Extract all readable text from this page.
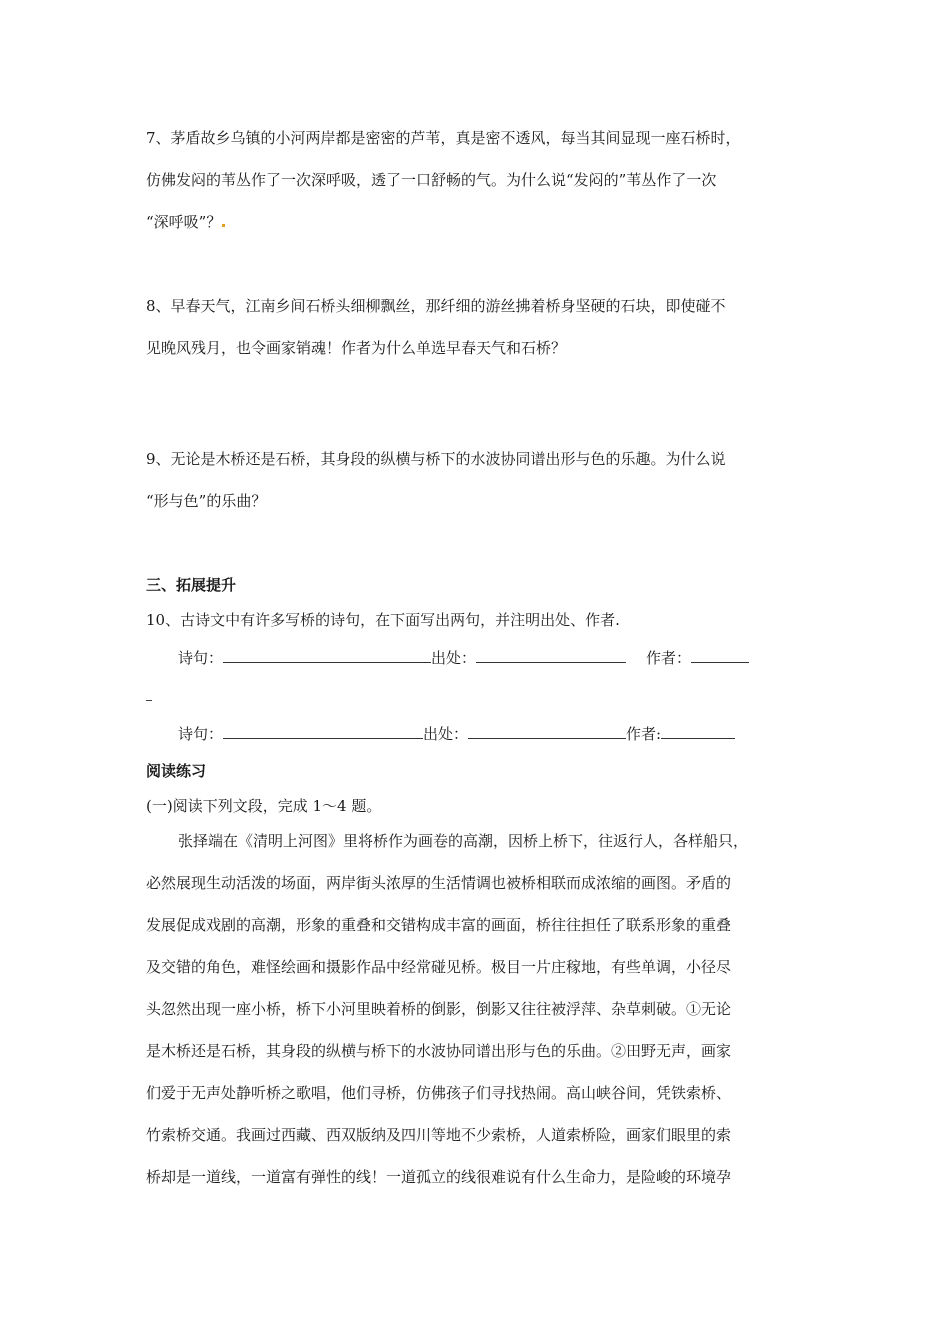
7、茅盾故乡乌镇的小河两岸都是密密的芦苇，真是密不透风，每当其间显现一座石桥时，
仿佛发闷的苇丛作了一次深呼吸，透了一口舒畅的气。为什么说“发闷的”苇丛作了一次
“深呼吸”？
8、早春天气，江南乡间石桥头细柳飘丝，那纤细的游丝拂着桥身坚硬的石块，即使碰不
见晚风残月，也令画家销魂！作者为什么单选早春天气和石桥？
9、无论是木桥还是石桥，其身段的纵横与桥下的水波协同谱出形与色的乐趣。为什么说
“形与色”的乐曲？
三、拓展提升
10、古诗文中有许多写桥的诗句，在下面写出两句，并注明出处、作者.
诗句：	出处：	作者：
诗句：	出处：	作者:
阅读练习
(一)阅读下列文段，完成 1～4 题。
张择端在《清明上河图》里将桥作为画卷的高潮，因桥上桥下，往返行人，各样船只，
必然展现生动活泼的场面，两岸街头浓厚的生活情调也被桥相联而成浓缩的画图。矛盾的
发展促成戏剧的高潮，形象的重叠和交错构成丰富的画面，桥往往担任了联系形象的重叠
及交错的角色，难怪绘画和摄影作品中经常碰见桥。极目一片庄稼地，有些单调，小径尽
头忽然出现一座小桥，桥下小河里映着桥的倒影，倒影又往往被浮萍、杂草刺破。①无论
是木桥还是石桥，其身段的纵横与桥下的水波协同谱出形与色的乐曲。②田野无声，画家
们爱于无声处静听桥之歌唱，他们寻桥，仿佛孩子们寻找热闹。高山峡谷间，凭铁索桥、
竹索桥交通。我画过西藏、西双版纳及四川等地不少索桥，人道索桥险，画家们眼里的索
桥却是一道线，一道富有弹性的线！一道孤立的线很难说有什么生命力，是险峻的环境孕
